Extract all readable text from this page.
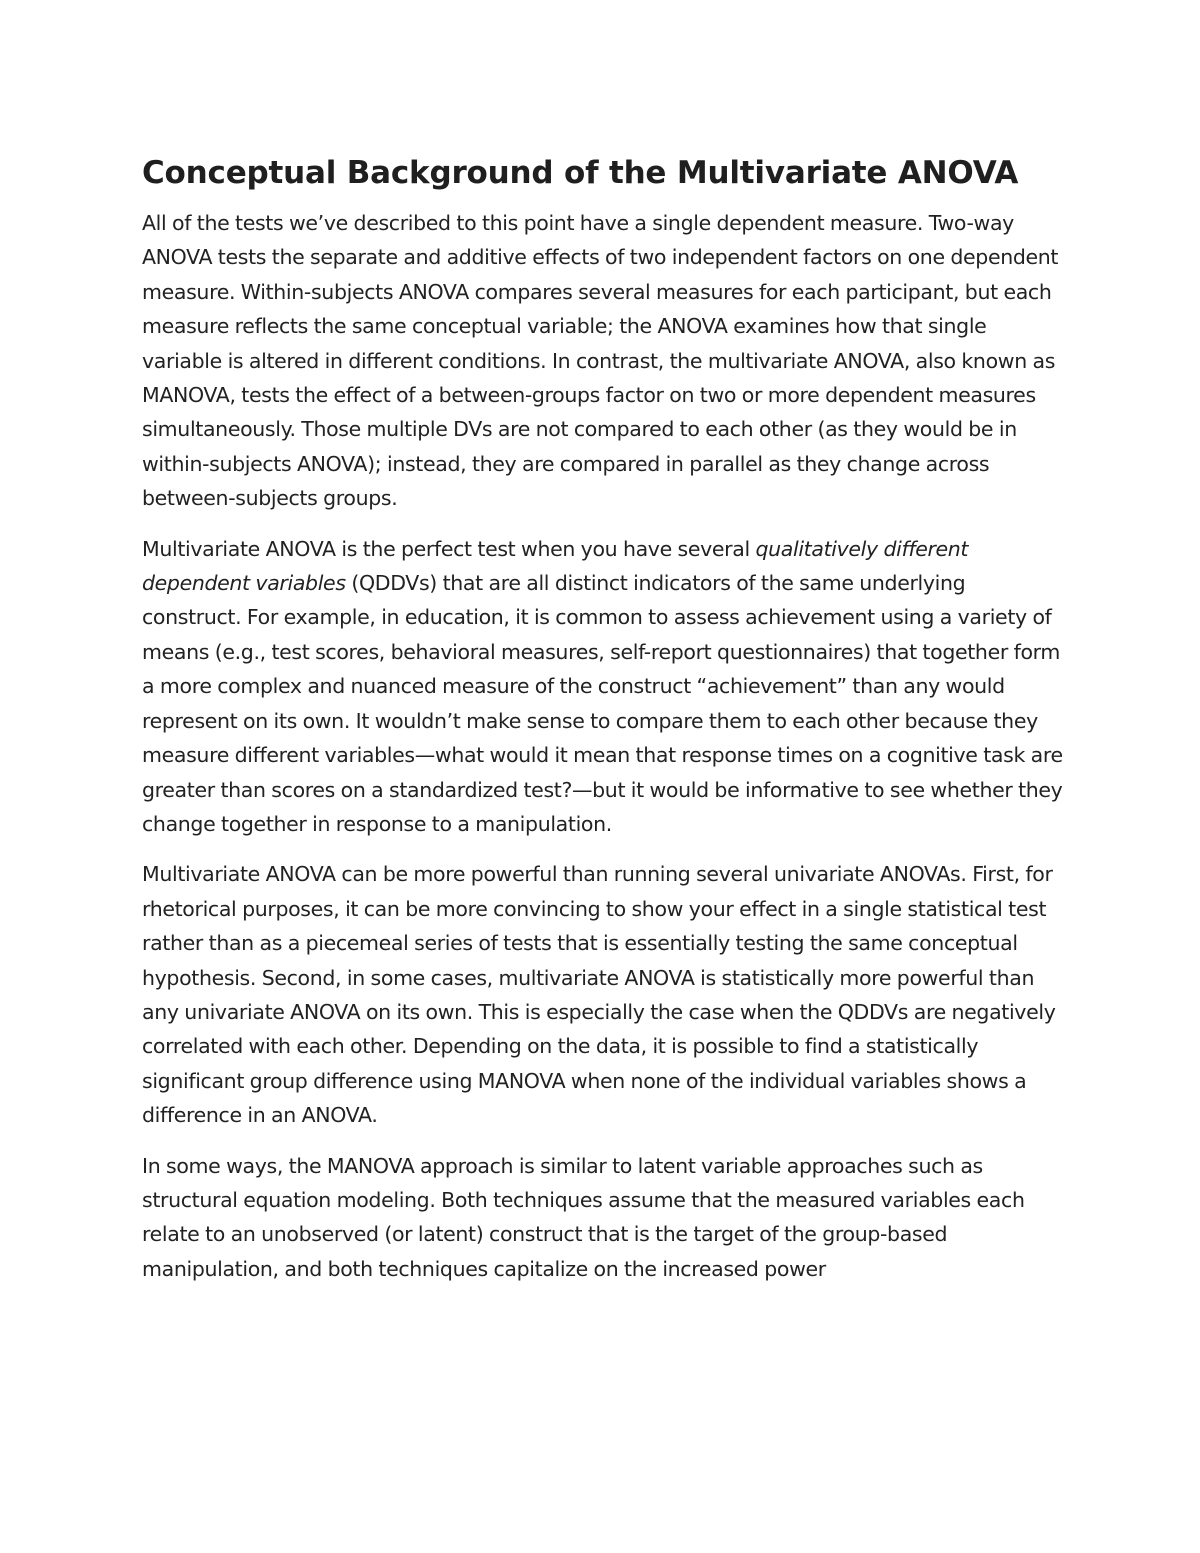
Conceptual Background of the Multivariate ANOVA

All of the tests we’ve described to this point have a single dependent measure. Two-way ANOVA tests the separate and additive effects of two independent factors on one dependent measure. Within-subjects ANOVA compares several measures for each participant, but each measure reflects the same conceptual variable; the ANOVA examines how that single variable is altered in different conditions. In contrast, the multivariate ANOVA, also known as MANOVA, tests the effect of a between-groups factor on two or more dependent measures simultaneously. Those multiple DVs are not compared to each other (as they would be in within-subjects ANOVA); instead, they are compared in parallel as they change across between-subjects groups.

Multivariate ANOVA is the perfect test when you have several qualitatively different dependent variables (QDDVs) that are all distinct indicators of the same underlying construct. For example, in education, it is common to assess achievement using a variety of means (e.g., test scores, behavioral measures, self-report questionnaires) that together form a more complex and nuanced measure of the construct “achievement” than any would represent on its own. It wouldn’t make sense to compare them to each other because they measure different variables—what would it mean that response times on a cognitive task are greater than scores on a standardized test?—but it would be informative to see whether they change together in response to a manipulation.

Multivariate ANOVA can be more powerful than running several univariate ANOVAs. First, for rhetorical purposes, it can be more convincing to show your effect in a single statistical test rather than as a piecemeal series of tests that is essentially testing the same conceptual hypothesis. Second, in some cases, multivariate ANOVA is statistically more powerful than any univariate ANOVA on its own. This is especially the case when the QDDVs are negatively correlated with each other. Depending on the data, it is possible to find a statistically significant group difference using MANOVA when none of the individual variables shows a difference in an ANOVA.

In some ways, the MANOVA approach is similar to latent variable approaches such as structural equation modeling. Both techniques assume that the measured variables each relate to an unobserved (or latent) construct that is the target of the group-based manipulation, and both techniques capitalize on the increased power
